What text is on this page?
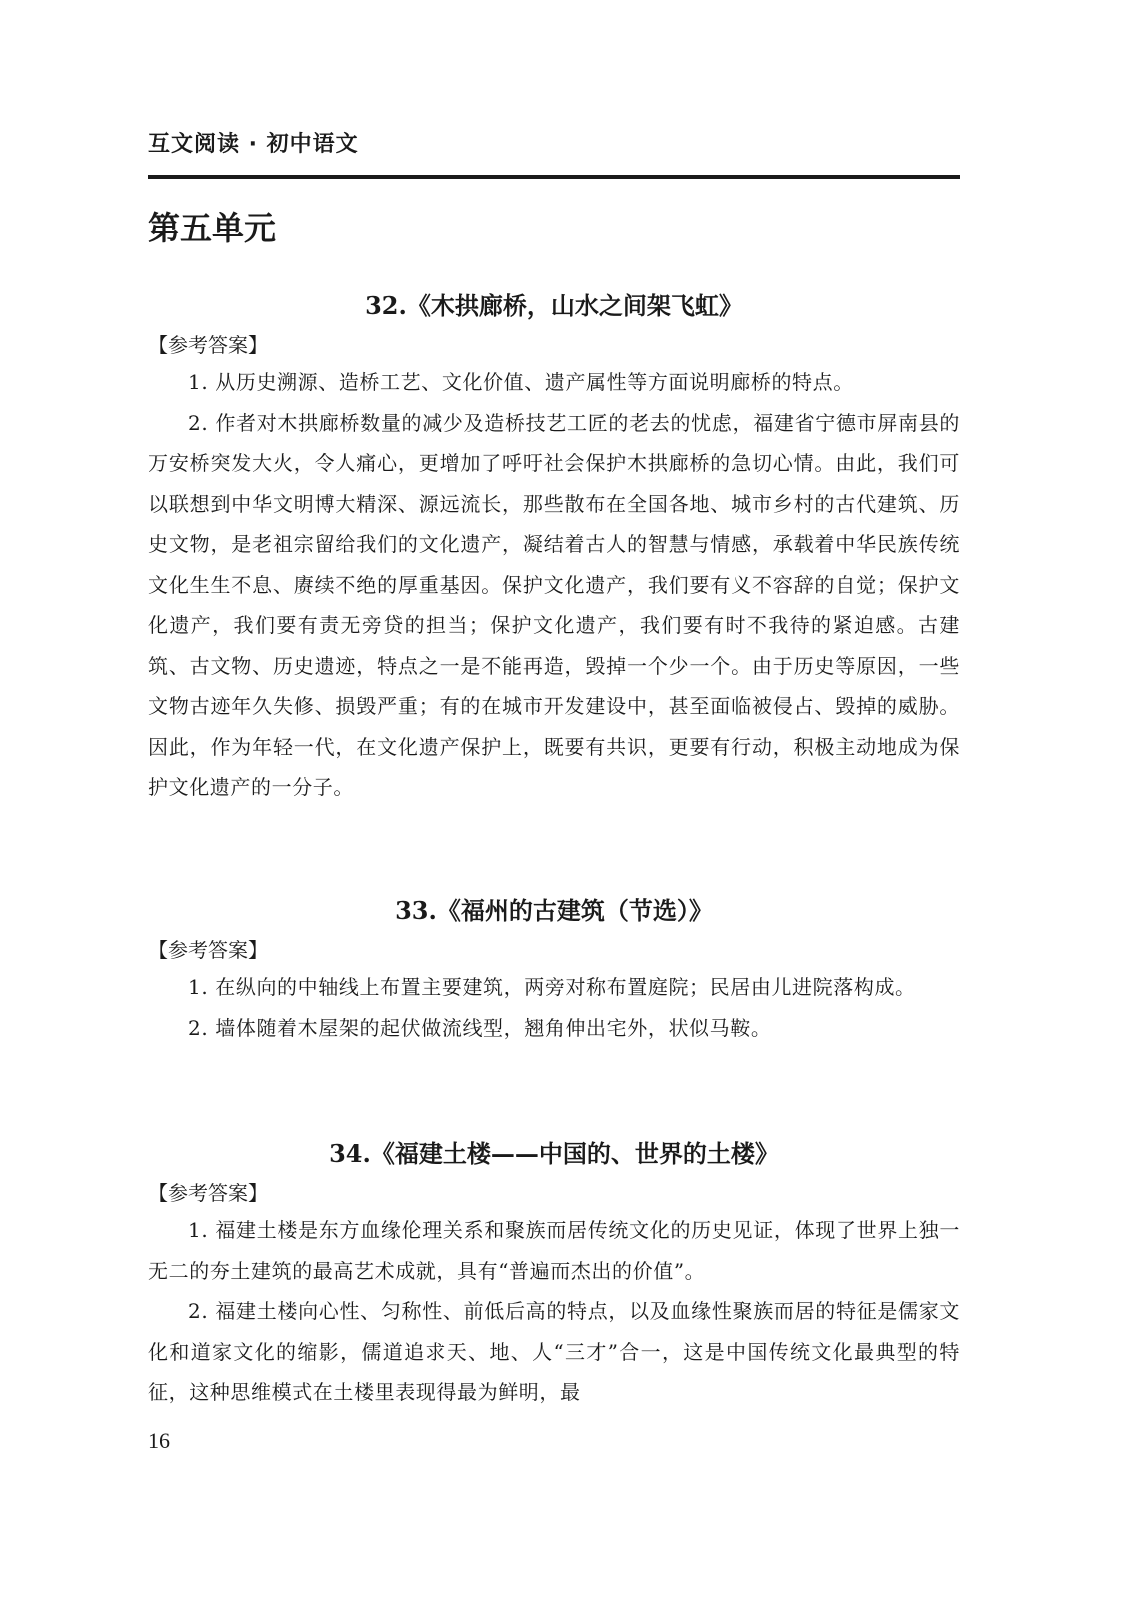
互文阅读 · 初中语文
第五单元
32.《木拱廊桥，山水之间架飞虹》
【参考答案】

1. 从历史溯源、造桥工艺、文化价值、遗产属性等方面说明廊桥的特点。

2. 作者对木拱廊桥数量的减少及造桥技艺工匠的老去的忧虑，福建省宁德市屏南县的万安桥突发大火，令人痛心，更增加了呼吁社会保护木拱廊桥的急切心情。由此，我们可以联想到中华文明博大精深、源远流长，那些散布在全国各地、城市乡村的古代建筑、历史文物，是老祖宗留给我们的文化遗产，凝结着古人的智慧与情感，承载着中华民族传统文化生生不息、赓续不绝的厚重基因。保护文化遗产，我们要有义不容辞的自觉；保护文化遗产，我们要有责无旁贷的担当；保护文化遗产，我们要有时不我待的紧迫感。古建筑、古文物、历史遗迹，特点之一是不能再造，毁掉一个少一个。由于历史等原因，一些文物古迹年久失修、损毁严重；有的在城市开发建设中，甚至面临被侵占、毁掉的威胁。因此，作为年轻一代，在文化遗产保护上，既要有共识，更要有行动，积极主动地成为保护文化遗产的一分子。

33.《福州的古建筑（节选）》
【参考答案】

1. 在纵向的中轴线上布置主要建筑，两旁对称布置庭院；民居由儿进院落构成。

2. 墙体随着木屋架的起伏做流线型，翘角伸出宅外，状似马鞍。

34.《福建土楼——中国的、世界的土楼》
【参考答案】

1. 福建土楼是东方血缘伦理关系和聚族而居传统文化的历史见证，体现了世界上独一无二的夯土建筑的最高艺术成就，具有“普遍而杰出的价值”。

2. 福建土楼向心性、匀称性、前低后高的特点，以及血缘性聚族而居的特征是儒家文化和道家文化的缩影，儒道追求天、地、人“三才”合一，这是中国传统文化最典型的特征，这种思维模式在土楼里表现得最为鲜明，最

16
